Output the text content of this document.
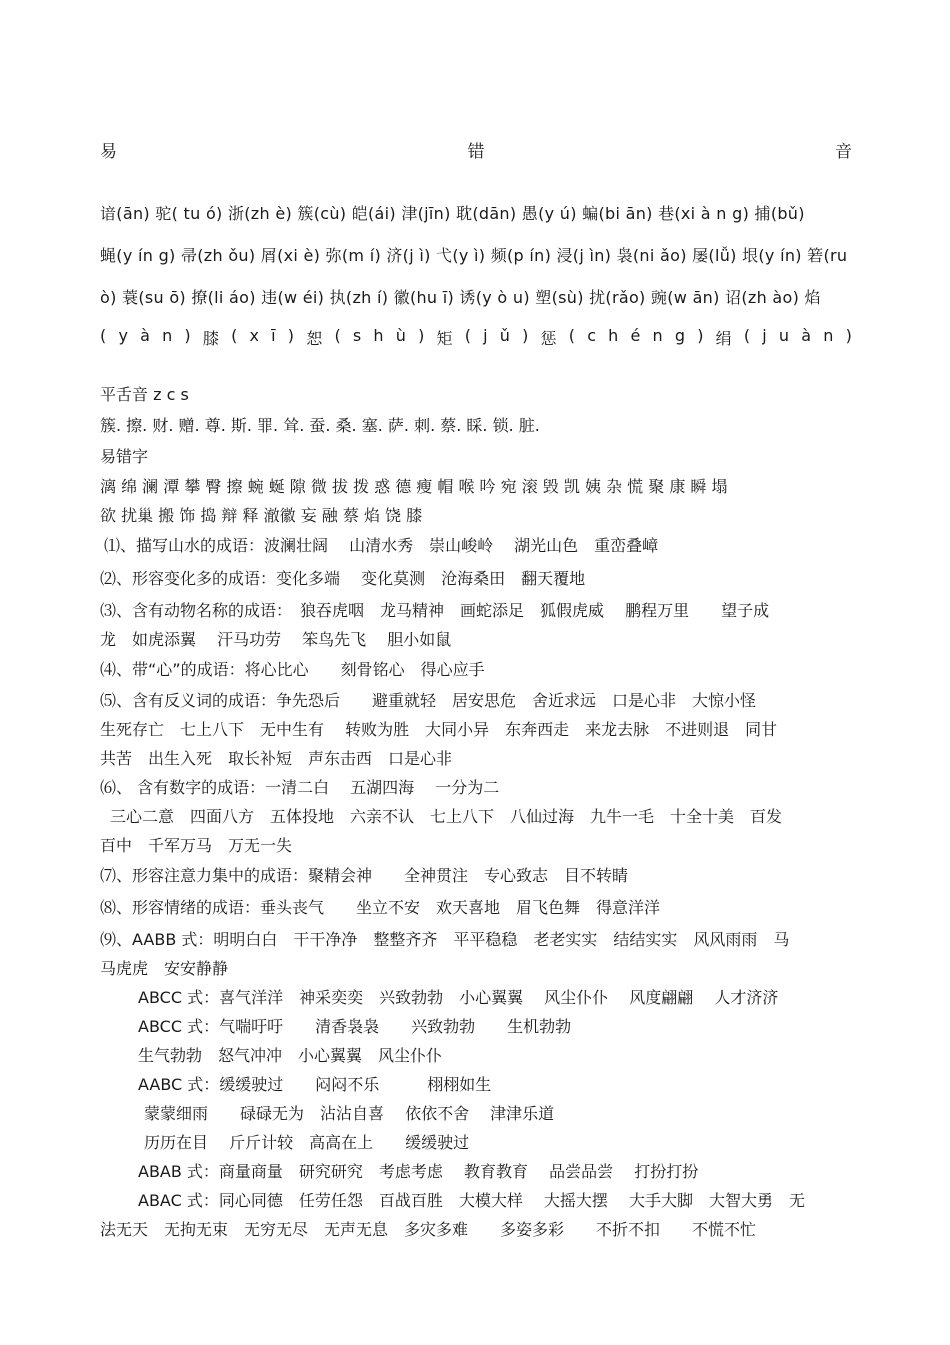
易	错	音
谙(ān) 驼( tu ó) 浙(zh è) 簇(cù) 皑(ái) 津(jīn) 耽(dān) 愚(y ú) 蝙(bi ān) 巷(xi à n g) 捕(bǔ)
蝇(y ín g) 帚(zh ǒu) 屑(xi è) 弥(m í) 济(j ì) 弋(y ì) 频(p ín) 浸(j ìn) 袅(ni ǎo) 屡(lǚ) 垠(y ín) 箬(ru
ò) 蓑(su ō) 撩(li áo) 违(w éi) 执(zh í) 徽(hu ī) 诱(y ò u) 塑(sù) 扰(rǎo) 豌(w ān) 诏(zh ào) 焰
( y à n ) 膝 ( x ī ) 恕 ( s h ù ) 矩 ( j ǔ ) 惩 ( c h é n g ) 绢 ( j u à n )
平舌音 z c s
簇. 擦. 财. 赠. 尊. 斯. 罪. 耸. 蚕. 桑. 塞. 萨. 刺. 蔡. 睬. 锁. 脏.
易错字
漓 绵 澜 潭 攀 臀 擦 蜿 蜒 隙 微 拔 拨 惑 德 瘦 帽 喉 吟 宛 滚 毁 凯 姨 杂 慌 聚 康 瞬 塌
欲 扰巢 搬 饰 捣 辩 释 澈徽 妄 融 蔡 焰 饶 膝
⑴、描写山水的成语：波澜壮阔　 山清水秀　崇山峻岭　 湖光山色　重峦叠嶂
⑵、形容变化多的成语：变化多端　 变化莫测　沧海桑田　翻天覆地
⑶、含有动物名称的成语：　狼吞虎咽　龙马精神　画蛇添足　狐假虎威　 鹏程万里　　望子成
龙　如虎添翼　 汗马功劳　 笨鸟先飞　 胆小如鼠
⑷、带“心”的成语：将心比心　　刻骨铭心　得心应手
⑸、含有反义词的成语：争先恐后　　避重就轻　居安思危　舍近求远　口是心非　大惊小怪
生死存亡　七上八下　无中生有　 转败为胜　大同小异　东奔西走　来龙去脉　不进则退　同甘
共苦　出生入死　取长补短　声东击西　口是心非
⑹、 含有数字的成语：一清二白　 五湖四海　 一分为二
三心二意　四面八方　五体投地　六亲不认　七上八下　八仙过海　九牛一毛　十全十美　百发
百中　千军万马　万无一失
⑺、形容注意力集中的成语：聚精会神　　全神贯注　专心致志　目不转睛
⑻、形容情绪的成语：垂头丧气　　坐立不安　欢天喜地　眉飞色舞　得意洋洋
⑼、AABB 式：明明白白　干干净净　整整齐齐　平平稳稳　老老实实　结结实实　风风雨雨　马
马虎虎　安安静静
ABCC 式：喜气洋洋　神采奕奕　兴致勃勃　小心翼翼　 风尘仆仆　 风度翩翩　 人才济济
ABCC 式：气喘吁吁　　清香袅袅　　兴致勃勃　　生机勃勃
生气勃勃　怒气冲冲　小心翼翼　风尘仆仆
AABC 式：缓缓驶过　　闷闷不乐　　　栩栩如生
蒙蒙细雨　　碌碌无为　沾沾自喜　 依依不舍　 津津乐道
历历在目　 斤斤计较　高高在上　　缓缓驶过
ABAB 式：商量商量　研究研究　考虑考虑　 教育教育　 品尝品尝　 打扮打扮
ABAC 式：同心同德　任劳任怨　百战百胜　大模大样　 大摇大摆　 大手大脚　大智大勇　无
法无天　无拘无束　无穷无尽　无声无息　多灾多难　　多姿多彩　　不折不扣　　不慌不忙
